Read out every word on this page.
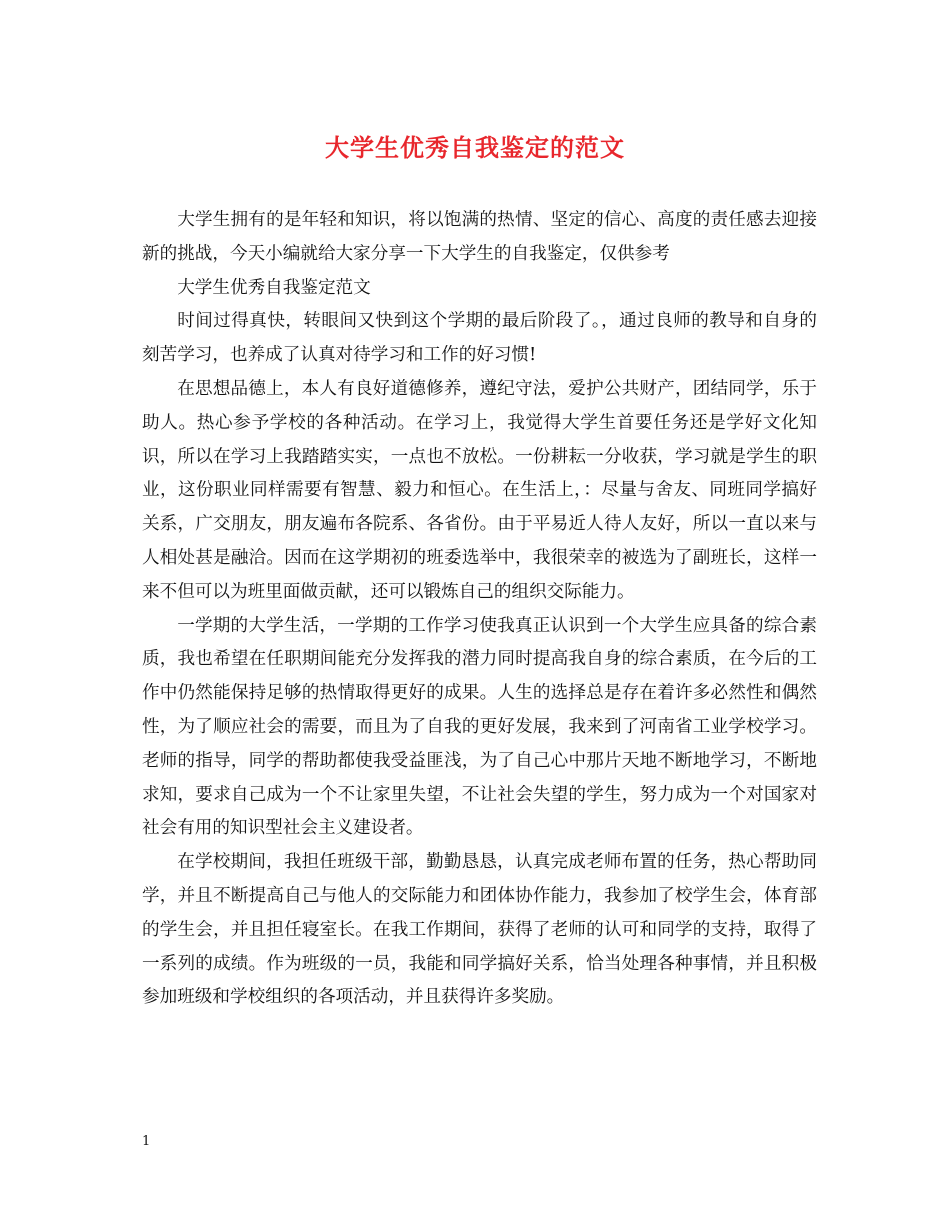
大学生优秀自我鉴定的范文

大学生拥有的是年轻和知识，将以饱满的热情、坚定的信心、高度的责任感去迎接新的挑战，今天小编就给大家分享一下大学生的自我鉴定，仅供参考

大学生优秀自我鉴定范文

时间过得真快，转眼间又快到这个学期的最后阶段了。，通过良师的教导和自身的刻苦学习，也养成了认真对待学习和工作的好习惯!

在思想品德上，本人有良好道德修养，遵纪守法，爱护公共财产，团结同学，乐于助人。热心参予学校的各种活动。在学习上，我觉得大学生首要任务还是学好文化知识，所以在学习上我踏踏实实，一点也不放松。一份耕耘一分收获，学习就是学生的职业，这份职业同样需要有智慧、毅力和恒心。在生活上，：尽量与舍友、同班同学搞好关系，广交朋友，朋友遍布各院系、各省份。由于平易近人待人友好，所以一直以来与人相处甚是融洽。因而在这学期初的班委选举中，我很荣幸的被选为了副班长，这样一来不但可以为班里面做贡献，还可以锻炼自己的组织交际能力。

一学期的大学生活，一学期的工作学习使我真正认识到一个大学生应具备的综合素质，我也希望在任职期间能充分发挥我的潜力同时提高我自身的综合素质，在今后的工作中仍然能保持足够的热情取得更好的成果。人生的选择总是存在着许多必然性和偶然性，为了顺应社会的需要，而且为了自我的更好发展，我来到了河南省工业学校学习。老师的指导，同学的帮助都使我受益匪浅，为了自己心中那片天地不断地学习，不断地求知，要求自己成为一个不让家里失望，不让社会失望的学生，努力成为一个对国家对社会有用的知识型社会主义建设者。

在学校期间，我担任班级干部，勤勤恳恳，认真完成老师布置的任务，热心帮助同学，并且不断提高自己与他人的交际能力和团体协作能力，我参加了校学生会，体育部的学生会，并且担任寝室长。在我工作期间，获得了老师的认可和同学的支持，取得了一系列的成绩。作为班级的一员，我能和同学搞好关系，恰当处理各种事情，并且积极参加班级和学校组织的各项活动，并且获得许多奖励。

1
